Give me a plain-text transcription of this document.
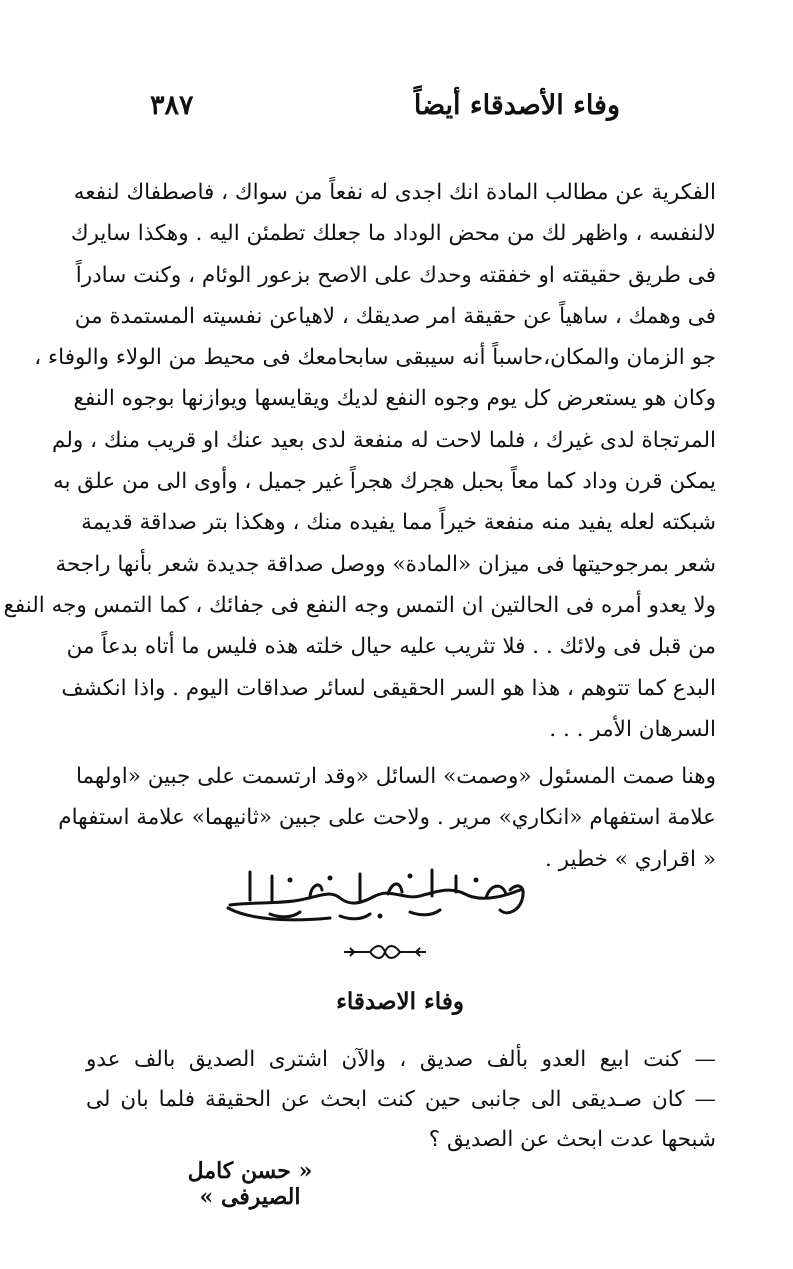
وفاء الأصدقاء أيضاً
٣٨٧
الفكرية عن مطالب المادة انك اجدى له نفعاً من سواك ، فاصطفاك لنفعه
لالنفسه ، واظهر لك من محض الوداد ما جعلك تطمئن اليه . وهكذا سايرك
فى طريق حقيقته او خفقته وحدك على الاصح بزعور الوئام ، وكنت سادراً
فى وهمك ، ساهياً عن حقيقة امر صديقك ، لاهياعن نفسيته المستمدة من
جو الزمان والمكان،حاسباً أنه سيبقى سابحامعك فى محيط من الولاء والوفاء ،
وكان هو يستعرض كل يوم وجوه النفع لديك ويقايسها ويوازنها بوجوه النفع
المرتجاة لدى غيرك ، فلما لاحت له منفعة لدى بعيد عنك او قريب منك ، ولم
يمكن قرن وداد كما معاً بحبل هجرك هجراً غير جميل ، وأوى الى من علق به
شبكته لعله يفيد منه منفعة خيراً مما يفيده منك ، وهكذا بتر صداقة قديمة
شعر بمرجوحيتها فى ميزان «المادة» ووصل صداقة جديدة شعر بأنها راجحة
ولا يعدو أمره فى الحالتين ان التمس وجه النفع فى جفائك ، كما التمس وجه النفع
من قبل فى ولائك . . فلا تثريب عليه حيال خلته هذه فليس ما أتاه بدعاً من
البدع كما تتوهم ، هذا هو السر الحقيقى لسائر صداقات اليوم . واذا انكشف
السرهان الأمر . . .
وهنا صمت المسئول «وصمت» السائل «وقد ارتسمت على جبين «اولهما
علامة استفهام «انكاري» مرير . ولاحت على جبين «ثانيهما» علامة استفهام
« اقراري » خطير .
وفاء الاصدقاء
— كنت ابيع العدو بألف صديق ، والآن اشترى الصديق بالف عدو
— كان صـديقى الى جانبى حين كنت ابحث عن الحقيقة فلما بان لى
شبحها عدت ابحث عن الصديق ؟
« حسن كامل الصيرفى »
